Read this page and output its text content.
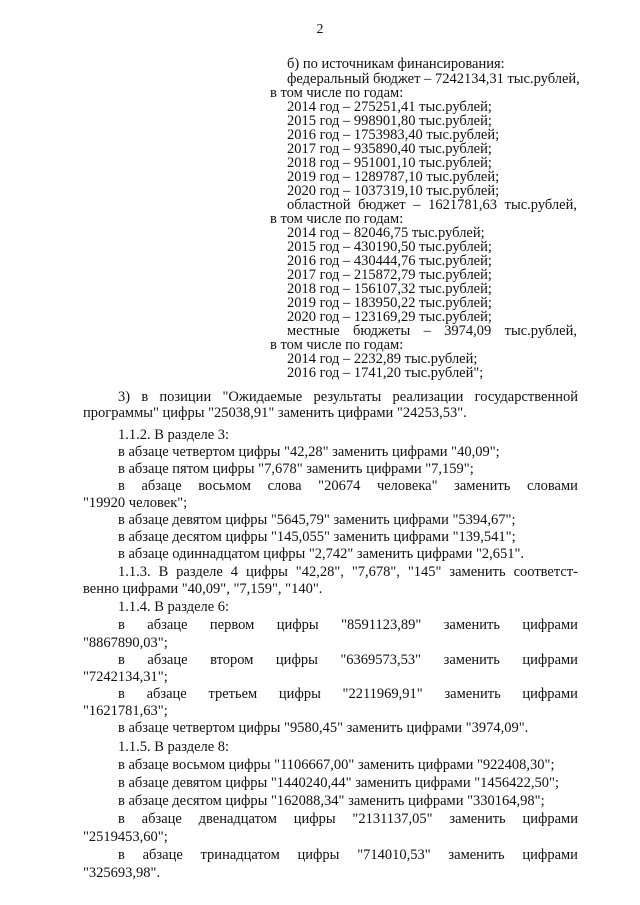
2
б) по источникам финансирования:
федеральный бюджет – 7242134,31 тыс.рублей,
в том числе по годам:
2014 год – 275251,41 тыс.рублей;
2015 год – 998901,80 тыс.рублей;
2016 год – 1753983,40 тыс.рублей;
2017 год – 935890,40 тыс.рублей;
2018 год – 951001,10 тыс.рублей;
2019 год – 1289787,10 тыс.рублей;
2020 год – 1037319,10 тыс.рублей;
областной бюджет – 1621781,63 тыс.рублей,
в том числе по годам:
2014 год – 82046,75 тыс.рублей;
2015 год – 430190,50 тыс.рублей;
2016 год – 430444,76 тыс.рублей;
2017 год – 215872,79 тыс.рублей;
2018 год – 156107,32 тыс.рублей;
2019 год – 183950,22 тыс.рублей;
2020 год – 123169,29 тыс.рублей;
местные бюджеты – 3974,09 тыс.рублей,
в том числе по годам:
2014 год – 2232,89 тыс.рублей;
2016 год – 1741,20 тыс.рублей";
3) в позиции "Ожидаемые результаты реализации государственной
программы" цифры "25038,91" заменить цифрами "24253,53".
1.1.2. В разделе 3:
в абзаце четвертом цифры "42,28" заменить цифрами "40,09";
в абзаце пятом цифры "7,678" заменить цифрами "7,159";
в абзаце восьмом слова "20674 человека" заменить словами
"19920 человек";
в абзаце девятом цифры "5645,79" заменить цифрами "5394,67";
в абзаце десятом цифры "145,055" заменить цифрами "139,541";
в абзаце одиннадцатом цифры "2,742" заменить цифрами "2,651".
1.1.3. В разделе 4 цифры "42,28", "7,678", "145" заменить соответст-
венно цифрами "40,09", "7,159", "140".
1.1.4. В разделе 6:
в абзаце первом цифры "8591123,89" заменить цифрами
"8867890,03";
в абзаце втором цифры "6369573,53" заменить цифрами
"7242134,31";
в абзаце третьем цифры "2211969,91" заменить цифрами
"1621781,63";
в абзаце четвертом цифры "9580,45" заменить цифрами "3974,09".
1.1.5. В разделе 8:
в абзаце восьмом цифры "1106667,00" заменить цифрами "922408,30";
в абзаце девятом цифры "1440240,44" заменить цифрами "1456422,50";
в абзаце десятом цифры "162088,34" заменить цифрами "330164,98";
в абзаце двенадцатом цифры "2131137,05" заменить цифрами
"2519453,60";
в абзаце тринадцатом цифры "714010,53" заменить цифрами
"325693,98".
